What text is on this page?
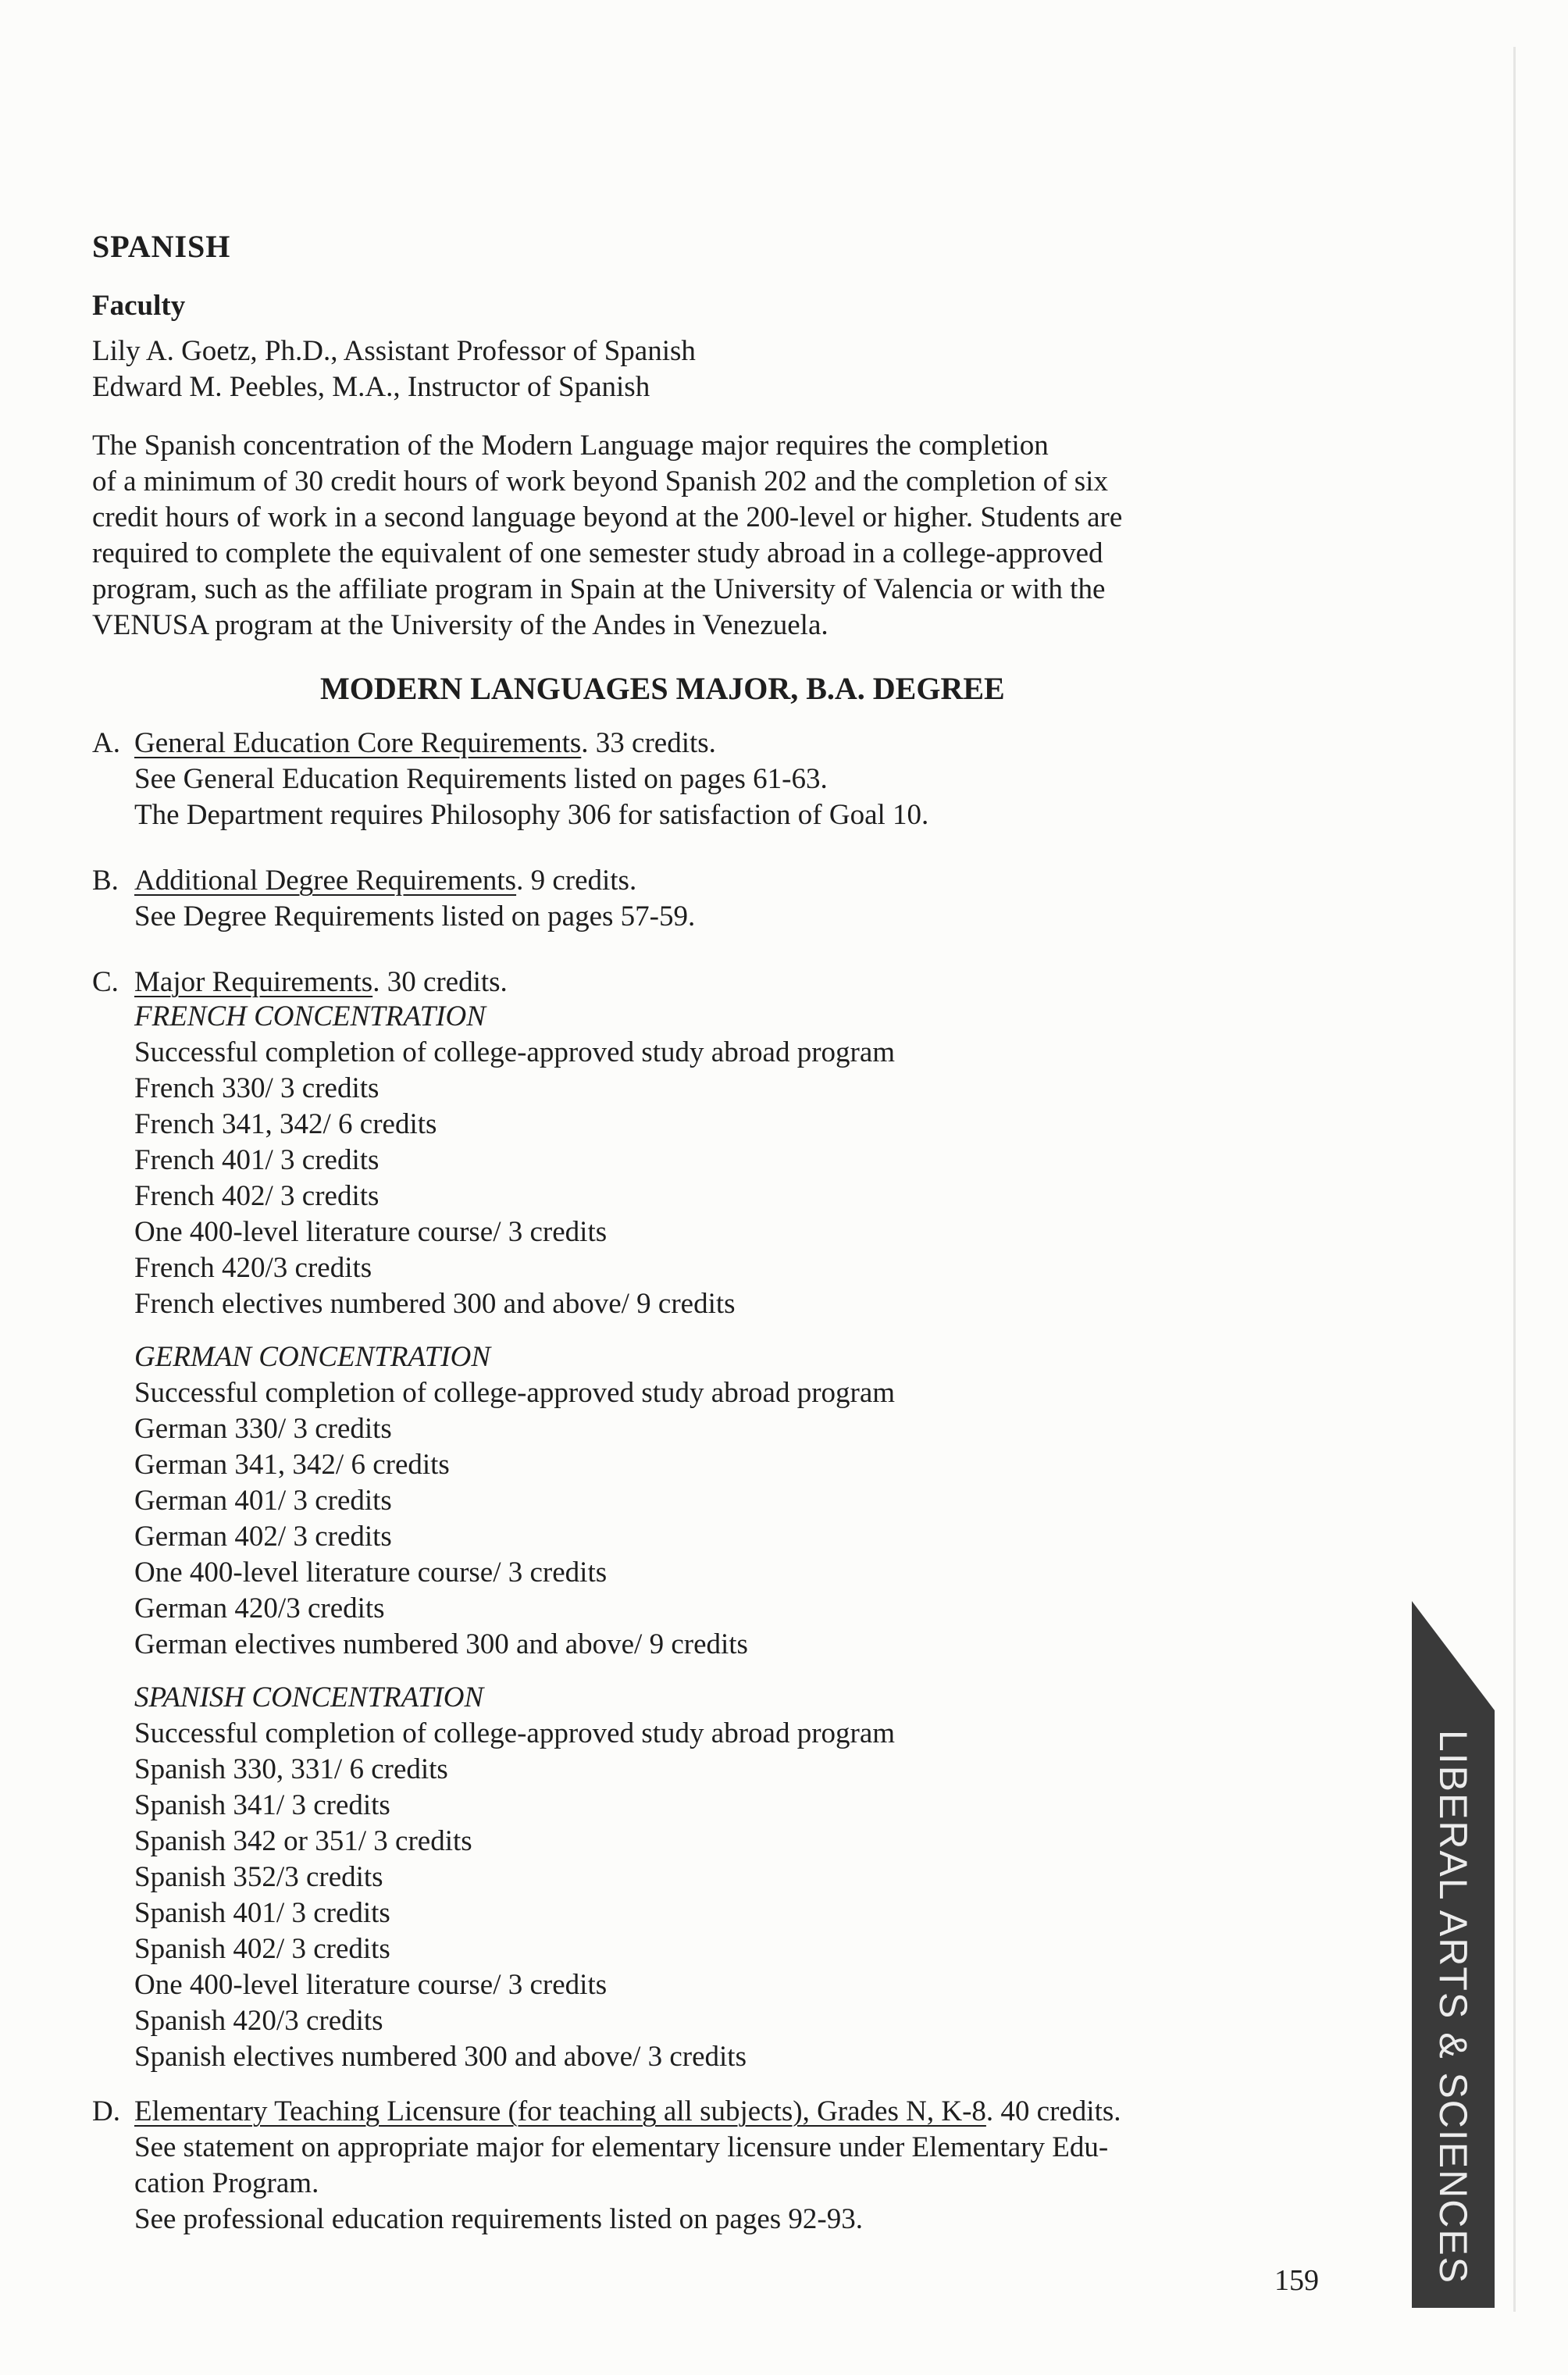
SPANISH
Faculty
Lily A. Goetz, Ph.D., Assistant Professor of Spanish
Edward M. Peebles, M.A., Instructor of Spanish
The Spanish concentration of the Modern Language major requires the completion
of a minimum of 30 credit hours of work beyond Spanish 202 and the completion of six
credit hours of work in a second language beyond at the 200-level or higher. Students are
required to complete the equivalent of one semester study abroad in a college-approved
program, such as the affiliate program in Spain at the University of Valencia or with the
VENUSA program at the University of the Andes in Venezuela.
MODERN LANGUAGES MAJOR, B.A. DEGREE
A. General Education Core Requirements. 33 credits.
See General Education Requirements listed on pages 61-63.
The Department requires Philosophy 306 for satisfaction of Goal 10.
B. Additional Degree Requirements. 9 credits.
See Degree Requirements listed on pages 57-59.
C. Major Requirements. 30 credits.
FRENCH CONCENTRATION
Successful completion of college-approved study abroad program
French 330/ 3 credits
French 341, 342/ 6 credits
French 401/ 3 credits
French 402/ 3 credits
One 400-level literature course/ 3 credits
French 420/3 credits
French electives numbered 300 and above/ 9 credits
GERMAN CONCENTRATION
Successful completion of college-approved study abroad program
German 330/ 3 credits
German 341, 342/ 6 credits
German 401/ 3 credits
German 402/ 3 credits
One 400-level literature course/ 3 credits
German 420/3 credits
German electives numbered 300 and above/ 9 credits
SPANISH CONCENTRATION
Successful completion of college-approved study abroad program
Spanish 330, 331/ 6 credits
Spanish 341/ 3 credits
Spanish 342 or 351/ 3 credits
Spanish 352/3 credits
Spanish 401/ 3 credits
Spanish 402/ 3 credits
One 400-level literature course/ 3 credits
Spanish 420/3 credits
Spanish electives numbered 300 and above/ 3 credits
D. Elementary Teaching Licensure (for teaching all subjects), Grades N, K-8. 40 credits.
See statement on appropriate major for elementary licensure under Elementary Edu-
cation Program.
See professional education requirements listed on pages 92-93.
159	LIBERAL ARTS & SCIENCES
